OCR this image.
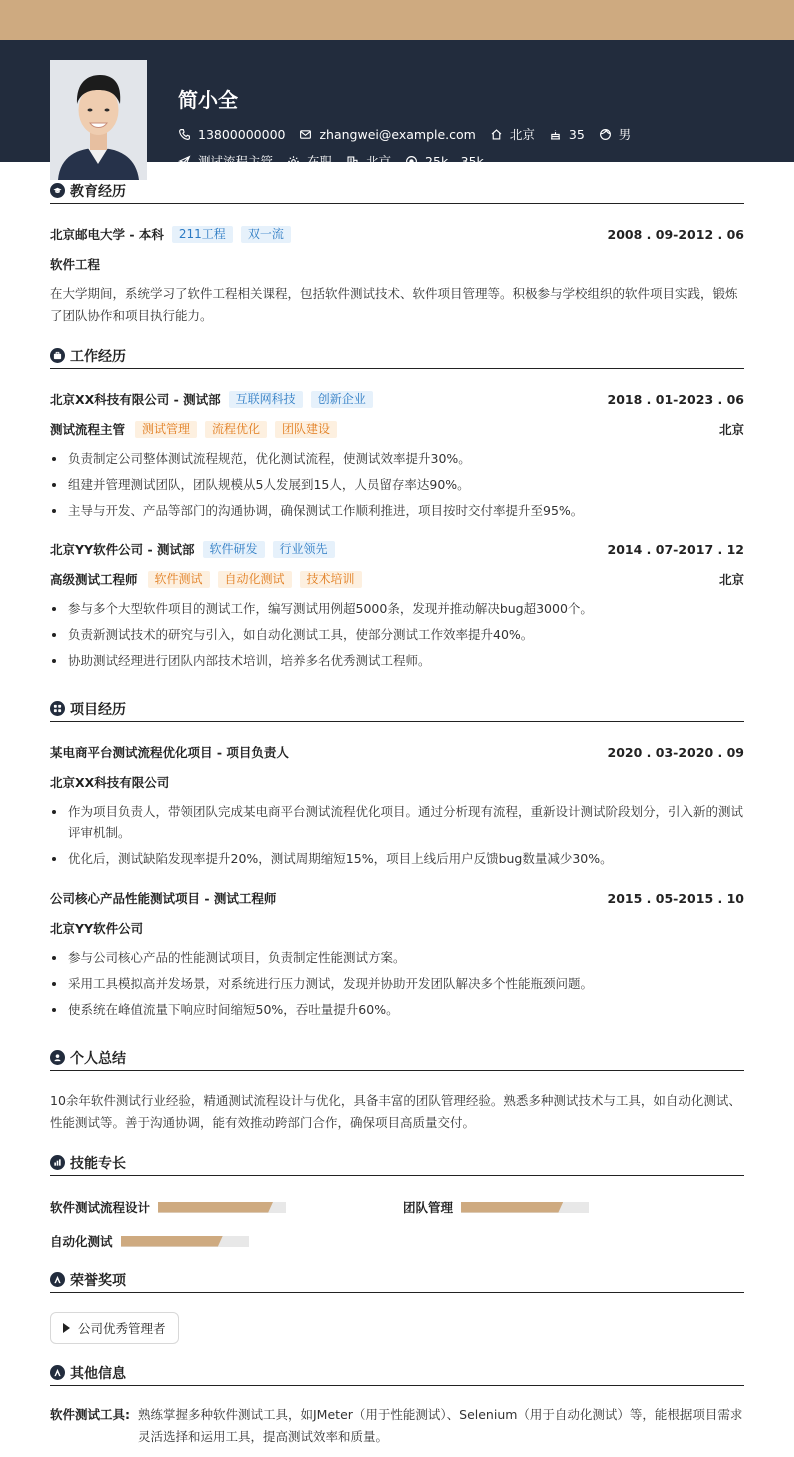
简小全
13800000000	zhangwei@example.com	北京	35	男
测试流程主管	在职	北京	25k - 35k
教育经历
北京邮电大学 - 本科	211工程	双一流	2008 . 09-2012 . 06
软件工程
在大学期间，系统学习了软件工程相关课程，包括软件测试技术、软件项目管理等。积极参与学校组织的软件项目实践，锻炼了团队协作和项目执行能力。
工作经历
北京XX科技有限公司 - 测试部	互联网科技	创新企业	2018 . 01-2023 . 06
测试流程主管	测试管理	流程优化	团队建设	北京
负责制定公司整体测试流程规范，优化测试流程，使测试效率提升30%。
组建并管理测试团队，团队规模从5人发展到15人，人员留存率达90%。
主导与开发、产品等部门的沟通协调，确保测试工作顺利推进，项目按时交付率提升至95%。
北京YY软件公司 - 测试部	软件研发	行业领先	2014 . 07-2017 . 12
高级测试工程师	软件测试	自动化测试	技术培训	北京
参与多个大型软件项目的测试工作，编写测试用例超5000条，发现并推动解决bug超3000个。
负责新测试技术的研究与引入，如自动化测试工具，使部分测试工作效率提升40%。
协助测试经理进行团队内部技术培训，培养多名优秀测试工程师。
项目经历
某电商平台测试流程优化项目 - 项目负责人	2020 . 03-2020 . 09
北京XX科技有限公司
作为项目负责人，带领团队完成某电商平台测试流程优化项目。通过分析现有流程，重新设计测试阶段划分，引入新的测试评审机制。
优化后，测试缺陷发现率提升20%，测试周期缩短15%，项目上线后用户反馈bug数量减少30%。
公司核心产品性能测试项目 - 测试工程师	2015 . 05-2015 . 10
北京YY软件公司
参与公司核心产品的性能测试项目，负责制定性能测试方案。
采用工具模拟高并发场景，对系统进行压力测试，发现并协助开发团队解决多个性能瓶颈问题。
使系统在峰值流量下响应时间缩短50%，吞吐量提升60%。
个人总结
10余年软件测试行业经验，精通测试流程设计与优化，具备丰富的团队管理经验。熟悉多种测试技术与工具，如自动化测试、性能测试等。善于沟通协调，能有效推动跨部门合作，确保项目高质量交付。
技能专长
软件测试流程设计	团队管理
自动化测试
荣誉奖项
公司优秀管理者
其他信息
软件测试工具: 熟练掌握多种软件测试工具，如JMeter（用于性能测试）、Selenium（用于自动化测试）等，能根据项目需求灵活选择和运用工具，提高测试效率和质量。
